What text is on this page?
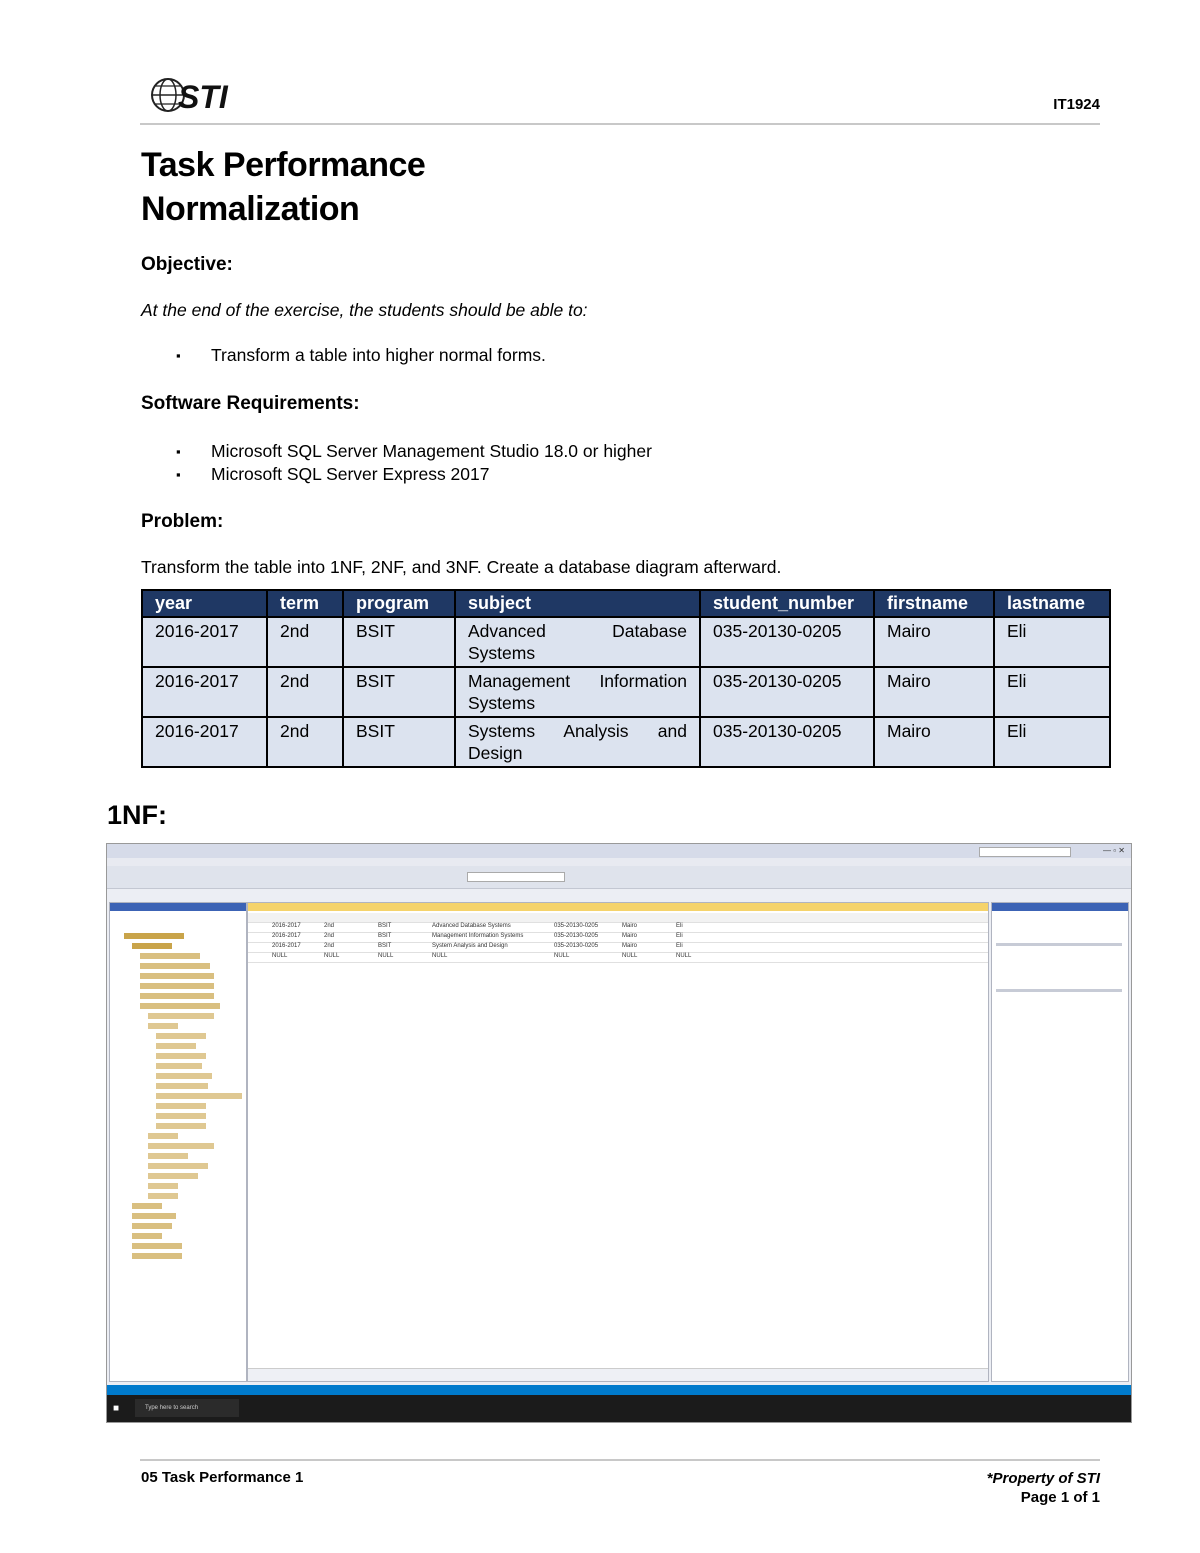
STI	IT1924
Task Performance
Normalization
Objective:
At the end of the exercise, the students should be able to:
▪ Transform a table into higher normal forms.
Software Requirements:
▪ Microsoft SQL Server Management Studio 18.0 or higher
▪ Microsoft SQL Server Express 2017
Problem:
Transform the table into 1NF, 2NF, and 3NF. Create a database diagram afterward.
year	term	program	subject	student_number	firstname	lastname
2016-2017	2nd	BSIT	Advanced Database Systems	035-20130-0205	Mairo	Eli
2016-2017	2nd	BSIT	Management Information Systems	035-20130-0205	Mairo	Eli
2016-2017	2nd	BSIT	Systems Analysis and Design	035-20130-0205	Mairo	Eli
1NF:
— ▫ ✕
2016-2017	2nd	BSIT	Advanced Database Systems	035-20130-0205	Mairo	Eli
2016-2017	2nd	BSIT	Management Information Systems	035-20130-0205	Mairo	Eli
2016-2017	2nd	BSIT	System Analysis and Design	035-20130-0205	Mairo	Eli
NULL	NULL	NULL	NULL	NULL	NULL	NULL
■	Type here to search
05 Task Performance 1	*Property of STI
Page 1 of 1
